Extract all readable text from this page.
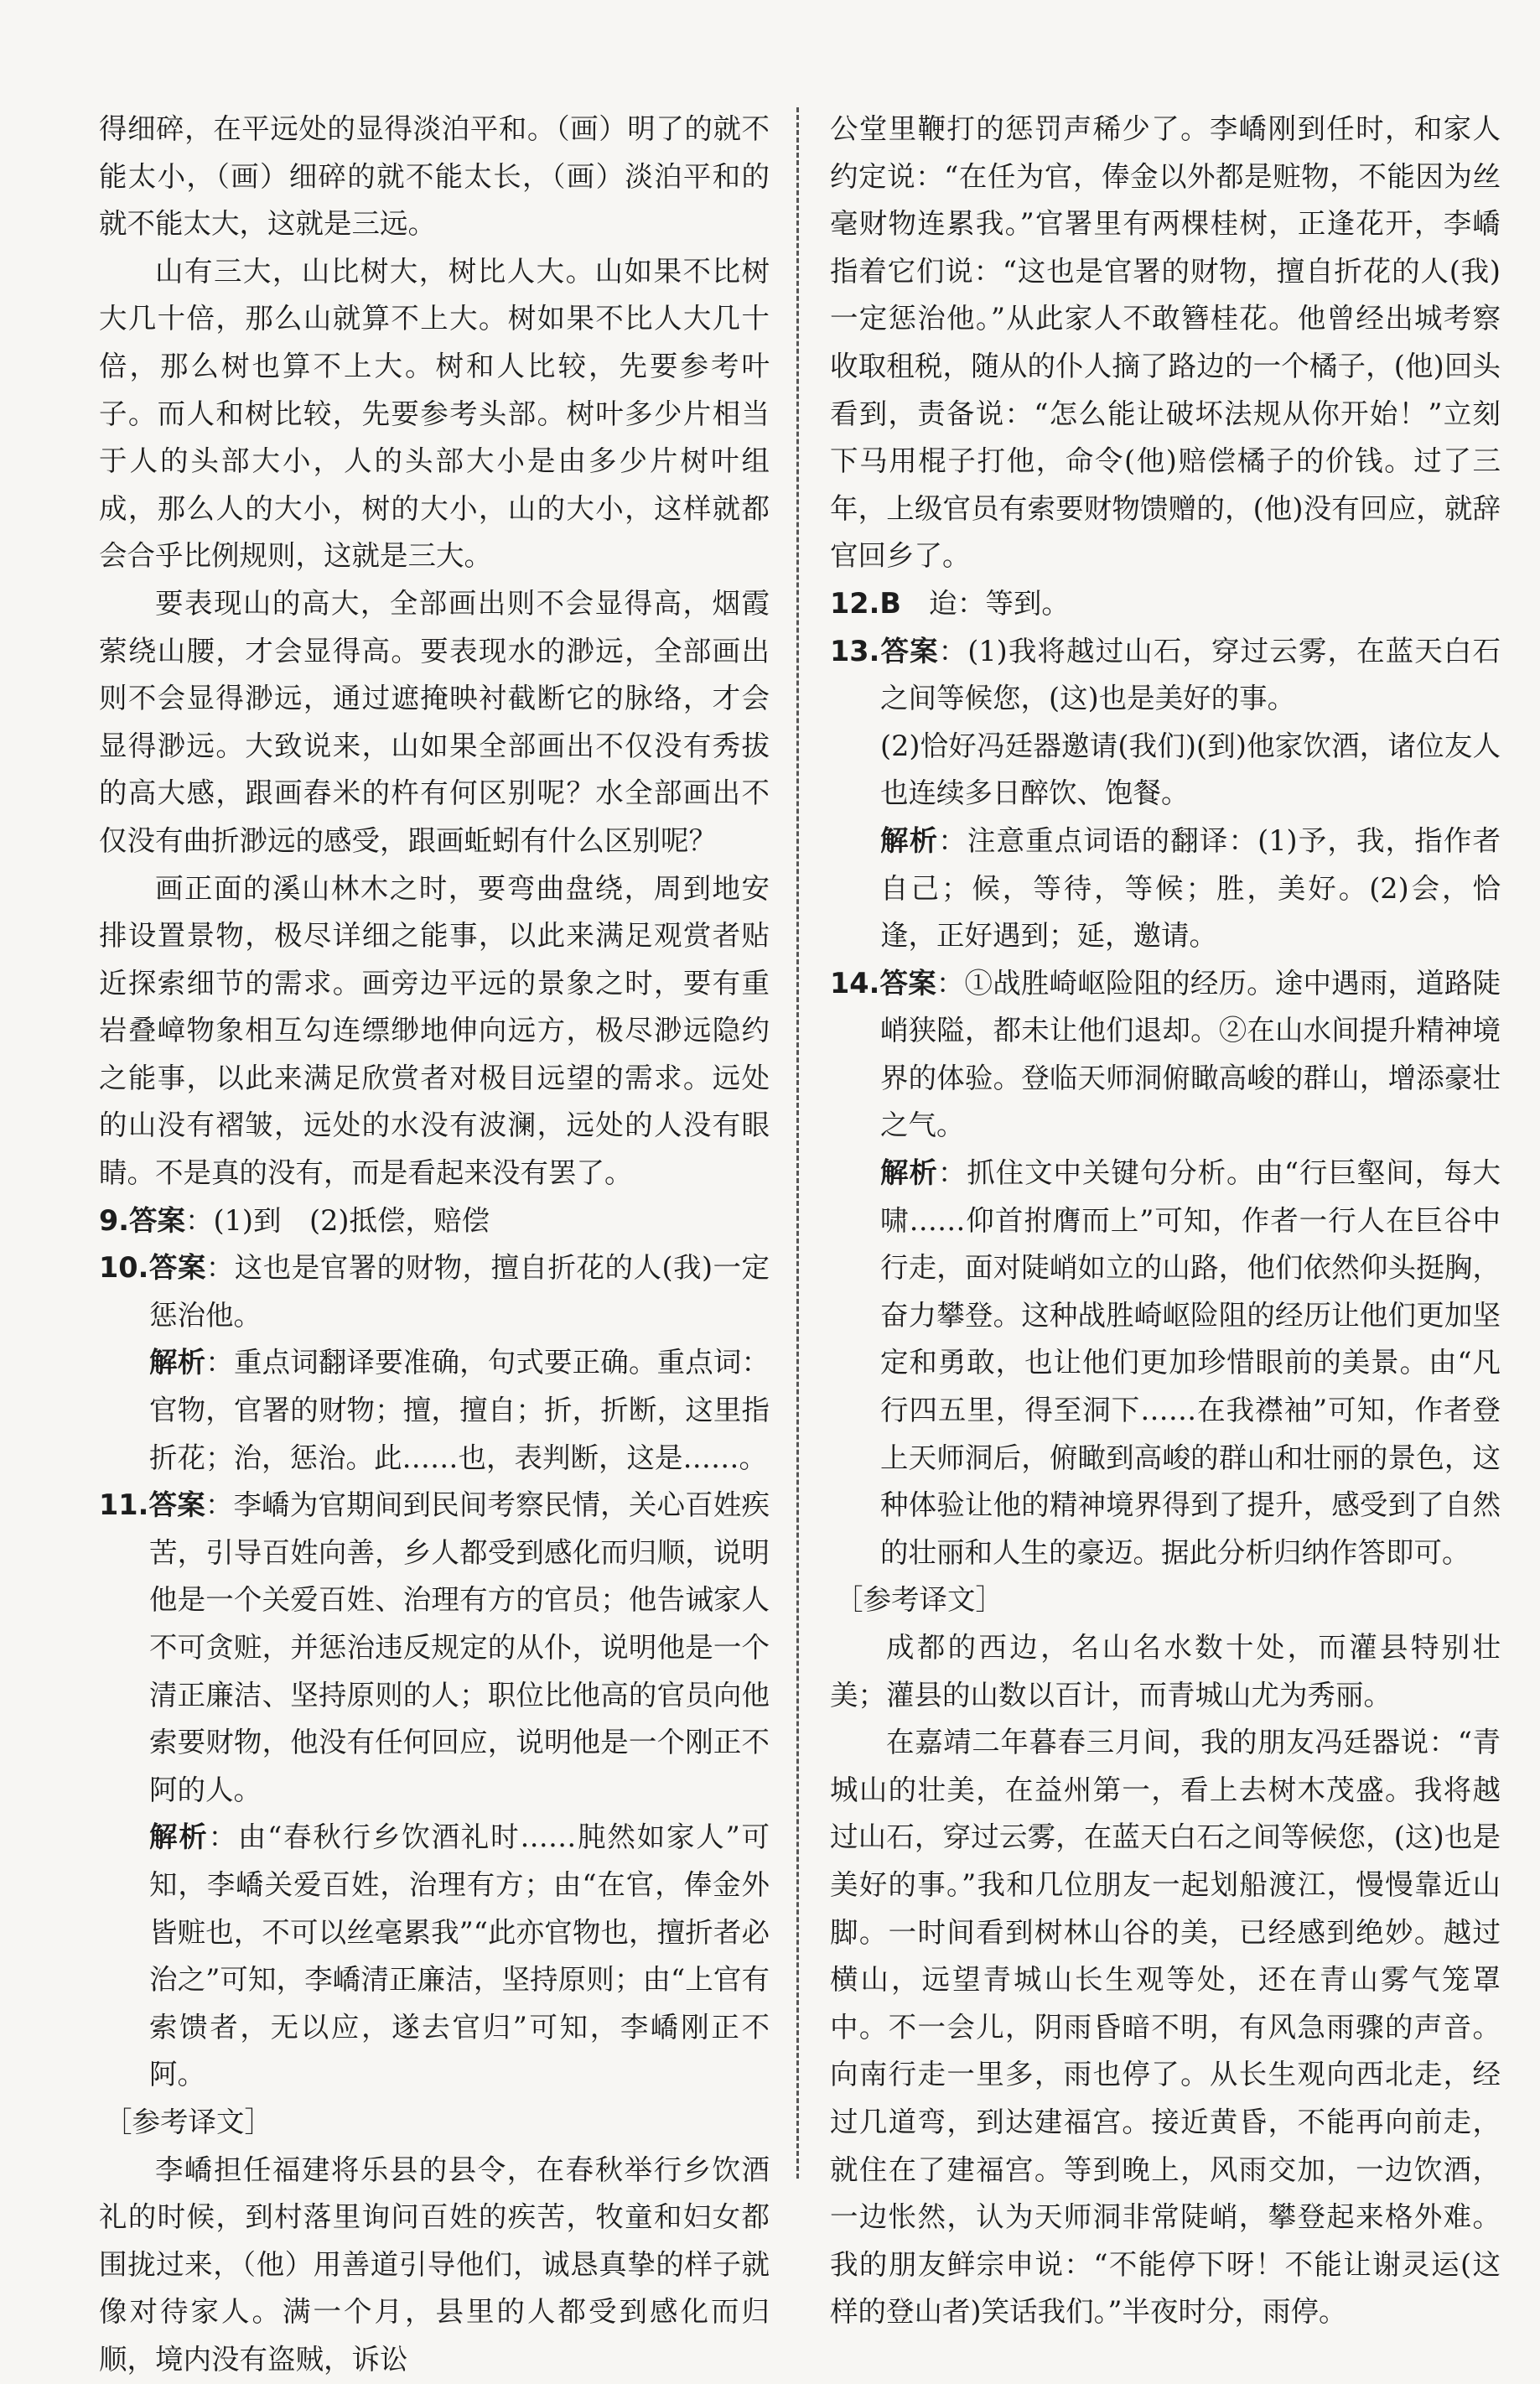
得细碎，在平远处的显得淡泊平和。（画）明了的就不能太小，（画）细碎的就不能太长，（画）淡泊平和的就不能太大，这就是三远。

山有三大，山比树大，树比人大。山如果不比树大几十倍，那么山就算不上大。树如果不比人大几十倍，那么树也算不上大。树和人比较，先要参考叶子。而人和树比较，先要参考头部。树叶多少片相当于人的头部大小，人的头部大小是由多少片树叶组成，那么人的大小，树的大小，山的大小，这样就都会合乎比例规则，这就是三大。

要表现山的高大，全部画出则不会显得高，烟霞萦绕山腰，才会显得高。要表现水的渺远，全部画出则不会显得渺远，通过遮掩映衬截断它的脉络，才会显得渺远。大致说来，山如果全部画出不仅没有秀拔的高大感，跟画舂米的杵有何区别呢？水全部画出不仅没有曲折渺远的感受，跟画蚯蚓有什么区别呢？

画正面的溪山林木之时，要弯曲盘绕，周到地安排设置景物，极尽详细之能事，以此来满足观赏者贴近探索细节的需求。画旁边平远的景象之时，要有重岩叠嶂物象相互勾连缥缈地伸向远方，极尽渺远隐约之能事，以此来满足欣赏者对极目远望的需求。远处的山没有褶皱，远处的水没有波澜，远处的人没有眼睛。不是真的没有，而是看起来没有罢了。

9.答案：(1)到　(2)抵偿，赔偿

10.答案：这也是官署的财物，擅自折花的人(我)一定惩治他。

解析：重点词翻译要准确，句式要正确。重点词：官物，官署的财物；擅，擅自；折，折断，这里指折花；治，惩治。此……也，表判断，这是……。

11.答案：李嶠为官期间到民间考察民情，关心百姓疾苦，引导百姓向善，乡人都受到感化而归顺，说明他是一个关爱百姓、治理有方的官员；他告诫家人不可贪赃，并惩治违反规定的从仆，说明他是一个清正廉洁、坚持原则的人；职位比他高的官员向他索要财物，他没有任何回应，说明他是一个刚正不阿的人。

解析：由“春秋行乡饮酒礼时……肫然如家人”可知，李嶠关爱百姓，治理有方；由“在官，俸金外皆赃也，不可以丝毫累我”“此亦官物也，擅折者必治之”可知，李嶠清正廉洁，坚持原则；由“上官有索馈者，无以应，遂去官归”可知，李嶠刚正不阿。

［参考译文］

李嶠担任福建将乐县的县令，在春秋举行乡饮酒礼的时候，到村落里询问百姓的疾苦，牧童和妇女都围拢过来，（他）用善道引导他们，诚恳真挚的样子就像对待家人。满一个月，县里的人都受到感化而归顺，境内没有盗贼，诉讼

公堂里鞭打的惩罚声稀少了。李嶠刚到任时，和家人约定说：“在任为官，俸金以外都是赃物，不能因为丝毫财物连累我。”官署里有两棵桂树，正逢花开，李嶠指着它们说：“这也是官署的财物，擅自折花的人(我)一定惩治他。”从此家人不敢簪桂花。他曾经出城考察收取租税，随从的仆人摘了路边的一个橘子，(他)回头看到，责备说：“怎么能让破坏法规从你开始！”立刻下马用棍子打他，命令(他)赔偿橘子的价钱。过了三年，上级官员有索要财物馈赠的，(他)没有回应，就辞官回乡了。

12.B　迨：等到。

13.答案：(1)我将越过山石，穿过云雾，在蓝天白石之间等候您，(这)也是美好的事。

(2)恰好冯廷器邀请(我们)(到)他家饮酒，诸位友人也连续多日醉饮、饱餐。

解析：注意重点词语的翻译：(1)予，我，指作者自己；候，等待，等候；胜，美好。(2)会，恰逢，正好遇到；延，邀请。

14.答案：①战胜崎岖险阻的经历。途中遇雨，道路陡峭狭隘，都未让他们退却。②在山水间提升精神境界的体验。登临天师洞俯瞰高峻的群山，增添豪壮之气。

解析：抓住文中关键句分析。由“行巨壑间，每大啸……仰首拊膺而上”可知，作者一行人在巨谷中行走，面对陡峭如立的山路，他们依然仰头挺胸，奋力攀登。这种战胜崎岖险阻的经历让他们更加坚定和勇敢，也让他们更加珍惜眼前的美景。由“凡行四五里，得至洞下……在我襟袖”可知，作者登上天师洞后，俯瞰到高峻的群山和壮丽的景色，这种体验让他的精神境界得到了提升，感受到了自然的壮丽和人生的豪迈。据此分析归纳作答即可。

［参考译文］

成都的西边，名山名水数十处，而灌县特别壮美；灌县的山数以百计，而青城山尤为秀丽。

在嘉靖二年暮春三月间，我的朋友冯廷器说：“青城山的壮美，在益州第一，看上去树木茂盛。我将越过山石，穿过云雾，在蓝天白石之间等候您，(这)也是美好的事。”我和几位朋友一起划船渡江，慢慢靠近山脚。一时间看到树林山谷的美，已经感到绝妙。越过横山，远望青城山长生观等处，还在青山雾气笼罩中。不一会儿，阴雨昏暗不明，有风急雨骤的声音。向南行走一里多，雨也停了。从长生观向西北走，经过几道弯，到达建福宫。接近黄昏，不能再向前走，就住在了建福宫。等到晚上，风雨交加，一边饮酒，一边怅然，认为天师洞非常陡峭，攀登起来格外难。我的朋友鲜宗申说：“不能停下呀！不能让谢灵运(这样的登山者)笑话我们。”半夜时分，雨停。
